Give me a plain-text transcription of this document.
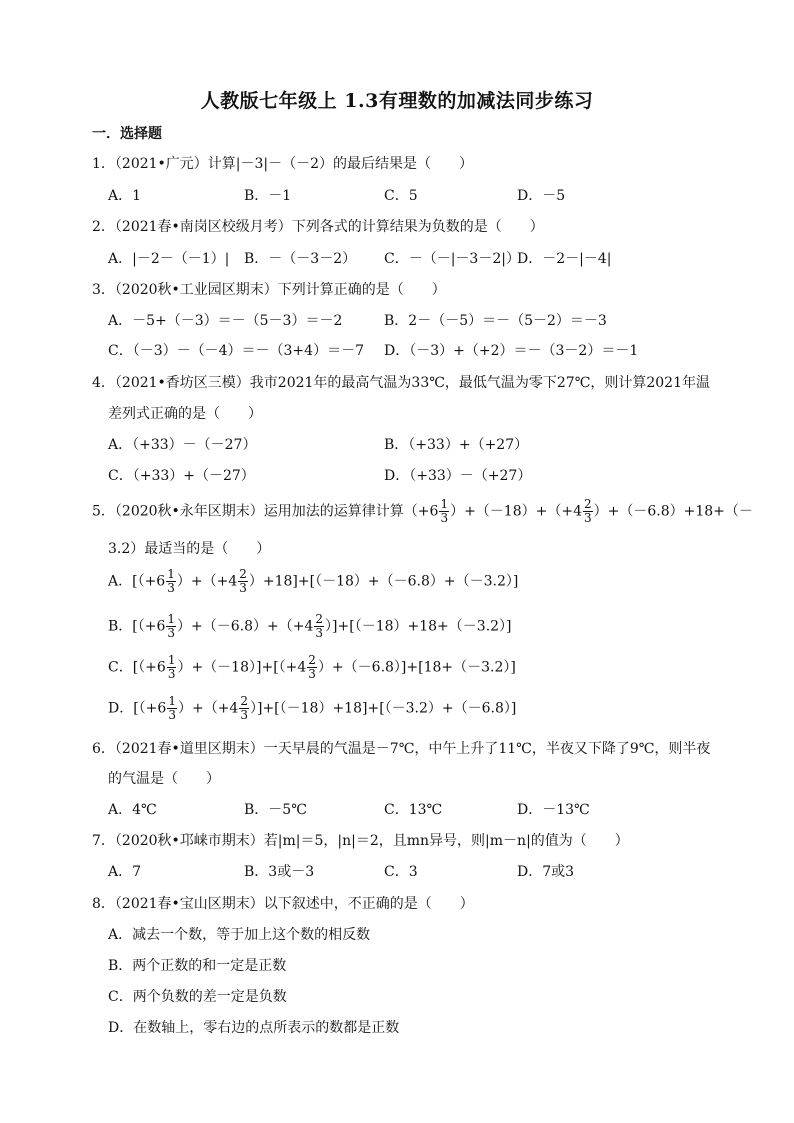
人教版七年级上 1.3有理数的加减法同步练习
一．选择题
1．（2021•广元）计算|－3|－（－2）的最后结果是（　　）
A．1	B．－1	C．5	D．－5
2．（2021春•南岗区校级月考）下列各式的计算结果为负数的是（　　）
A．|－2－（－1）| B．－（－3－2） C．－（－|－3－2|）
D．－2－|－4|
3．（2020秋•工业园区期末）下列计算正确的是（　　）
A．－5+（－3）＝－（5－3）＝－2	B．2－（－5）＝－（5－2）＝－3
C．（－3）－（－4）＝－（3+4）＝－7 D．（－3）+（+2）＝－（3－2）＝－1
4．（2021•香坊区三模）我市2021年的最高气温为33℃，最低气温为零下27℃，则计算2021年温
差列式正确的是（　　）
A．（+33）－（－27）	B．（+33）+（+27）
C．（+33）+（－27）	D．（+33）－（+27）
5．（2020秋•永年区期末）运用加法的运算律计算$(+6 \frac{1}{3} )+(-18)+(+4 \frac{2}{3} )+(-6.8)+18+(-$
3.2）最适当的是（　　）
A．$[(+6 \frac{1}{3} )+(+4 \frac{2}{3} )+18]+[(-18)+(-6.8)+(-3.2)]$
B．$[(+6 \frac{1}{3} )+(-6.8)+(+4 \frac{2}{3} )]+[(-18)+18+(-3.2)]$
C．$[(+6 \frac{1}{3} )+(-18)]+[(+4 \frac{2}{3} )+(-6.8)]+[18+(-3.2)]$
D．$[(+6 \frac{1}{3} )+(+4 \frac{2}{3} )]+[(-18)+18]+[(-3.2)+(-6.8)]$
6．（2021春•道里区期末）一天早晨的气温是－7℃，中午上升了11℃，半夜又下降了9℃，则半夜
的气温是（　　）
A．4℃	B．－5℃	C．13℃	D．－13℃
7．（2020秋•邛崃市期末）若|m|＝5，|n|＝2，且mn异号，则|m－n|的值为（　　）
A．7	B．3或－3	C．3	D．7或3
8．（2021春•宝山区期末）以下叙述中，不正确的是（　　）
A．减去一个数，等于加上这个数的相反数
B．两个正数的和一定是正数
C．两个负数的差一定是负数
D．在数轴上，零右边的点所表示的数都是正数
